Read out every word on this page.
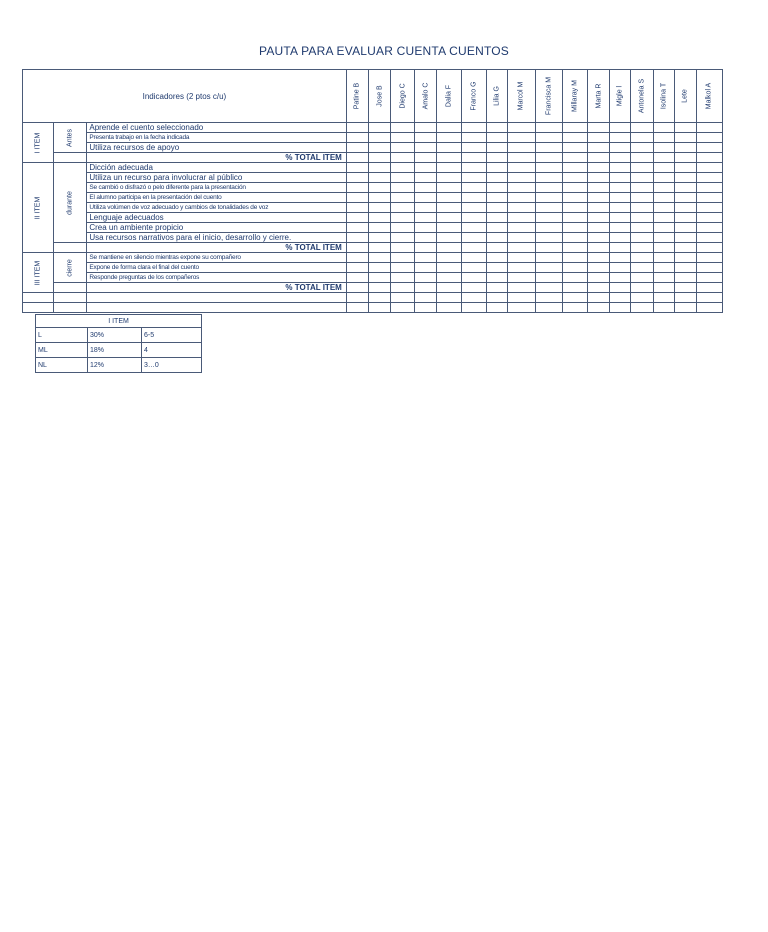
PAUTA PARA EVALUAR CUENTA CUENTOS
Indicadores (2 ptos c/u)			Patine B	Jose B	Diego C	Amalo C	Dalia F	Franco G	Lilia G	Marcol M	Francisca M	Millaray M	Marta R	Migle l	Antonela S	Isolina T	Lete	Malkol A

I ITEM	Antes	Aprende el cuento seleccionado																
		Presenta trabajo en la fecha indicada																
		Utiliza recursos de apoyo																
		% TOTAL ITEM																

II ITEM	durante	Dicción adecuada																
		Utiliza un recurso para involucrar al público																
		Se cambió o disfrazó o pelo diferente para la presentación																
		El alumno participa en la presentación del cuento																
		Utiliza volúmen de voz adecuado y cambios de tonalidades de voz																
		Lenguaje adecuados																
		Crea un ambiente propicio																
		Usa recursos narrativos para el inicio, desarrollo y cierre.																
		% TOTAL ITEM																

III ITEM	cierre	Se mantiene en silencio mientras expone su compañero																
		Expone de forma clara el final del cuento																
		Responde preguntas de los compañeros																
		% TOTAL ITEM																

I ITEM		
L	30%	6-5
ML	18%	4
NL	12%	3…0
